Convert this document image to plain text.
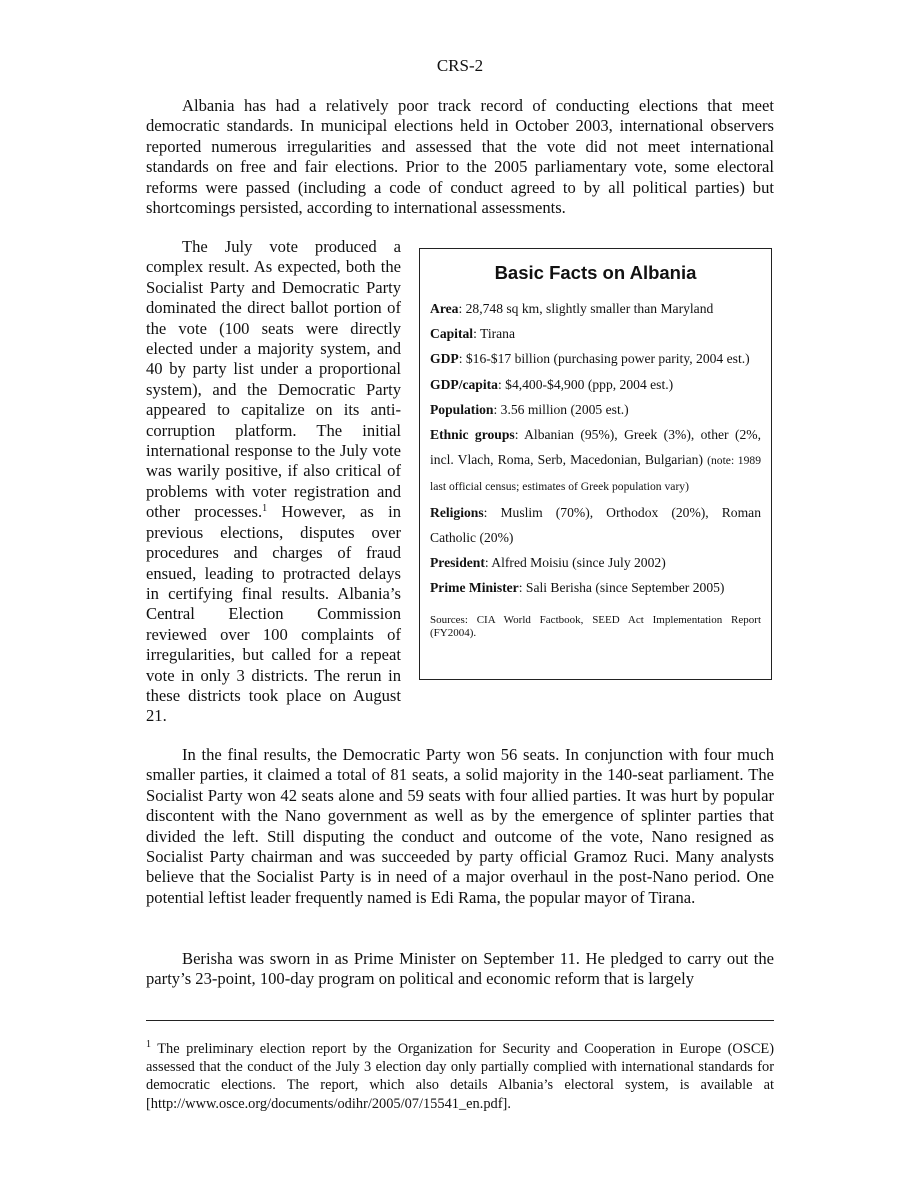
CRS-2

Albania has had a relatively poor track record of conducting elections that meet democratic standards. In municipal elections held in October 2003, international observers reported numerous irregularities and assessed that the vote did not meet international standards on free and fair elections. Prior to the 2005 parliamentary vote, some electoral reforms were passed (including a code of conduct agreed to by all political parties) but shortcomings persisted, according to international assessments.

The July vote produced a complex result. As expected, both the Socialist Party and Democratic Party dominated the direct ballot portion of the vote (100 seats were directly elected under a majority system, and 40 by party list under a proportional system), and the Democratic Party appeared to capitalize on its anti-corruption platform. The initial international response to the July vote was warily positive, if also critical of problems with voter registration and other processes.$^1$ However, as in previous elections, disputes over procedures and charges of fraud ensued, leading to protracted delays in certifying final results. Albania’s Central Election Commission reviewed over 100 complaints of irregularities, but called for a repeat vote in only 3 districts. The rerun in these districts took place on August 21.

Basic Facts on Albania

Area: 28,748 sq km, slightly smaller than Maryland

Capital: Tirana

GDP: $16-$17 billion (purchasing power parity, 2004 est.)

GDP/capita: $4,400-$4,900 (ppp, 2004 est.)

Population: 3.56 million (2005 est.)

Ethnic groups: Albanian (95%), Greek (3%), other (2%, incl. Vlach, Roma, Serb, Macedonian, Bulgarian) (note: 1989 last official census; estimates of Greek population vary)

Religions: Muslim (70%), Orthodox (20%), Roman Catholic (20%)

President: Alfred Moisiu (since July 2002)

Prime Minister: Sali Berisha (since September 2005)

Sources: CIA World Factbook, SEED Act Implementation Report (FY2004).

In the final results, the Democratic Party won 56 seats. In conjunction with four much smaller parties, it claimed a total of 81 seats, a solid majority in the 140-seat parliament. The Socialist Party won 42 seats alone and 59 seats with four allied parties. It was hurt by popular discontent with the Nano government as well as by the emergence of splinter parties that divided the left. Still disputing the conduct and outcome of the vote, Nano resigned as Socialist Party chairman and was succeeded by party official Gramoz Ruci. Many analysts believe that the Socialist Party is in need of a major overhaul in the post-Nano period. One potential leftist leader frequently named is Edi Rama, the popular mayor of Tirana.

Berisha was sworn in as Prime Minister on September 11. He pledged to carry out the party’s 23-point, 100-day program on political and economic reform that is largely

$^1$ The preliminary election report by the Organization for Security and Cooperation in Europe (OSCE) assessed that the conduct of the July 3 election day only partially complied with international standards for democratic elections. The report, which also details Albania’s electoral system, is available at [http://www.osce.org/documents/odihr/2005/07/15541_en.pdf].
